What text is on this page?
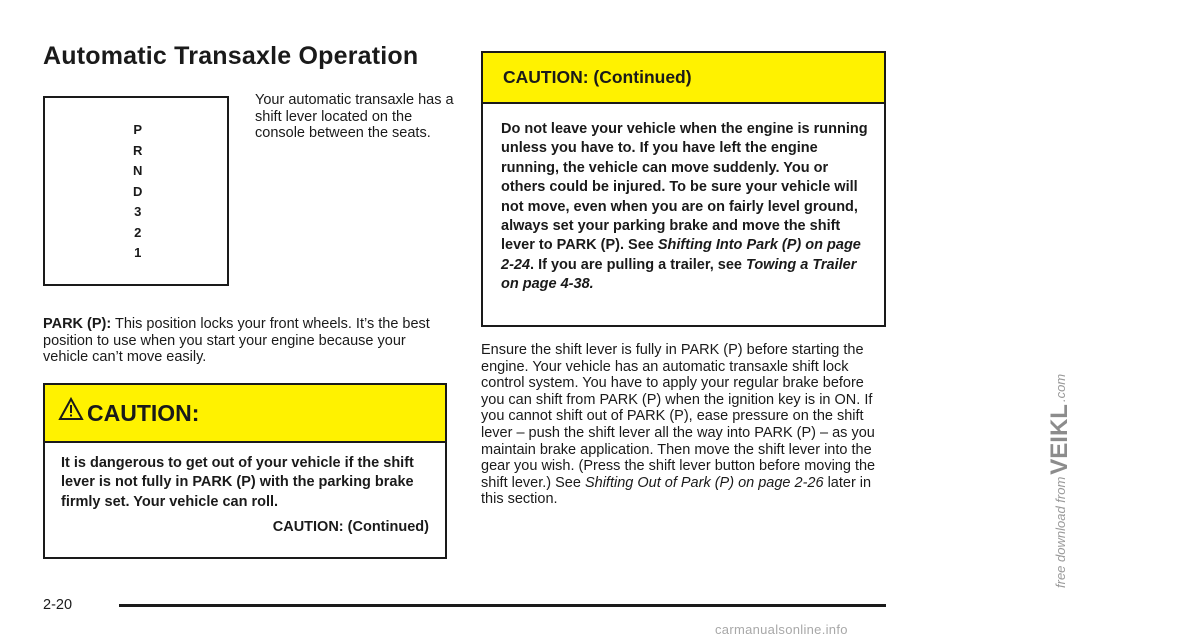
Automatic Transaxle Operation
P
R
N
D
3
2
1

Your automatic transaxle has a shift lever located on the console between the seats.

PARK (P): This position locks your front wheels. It’s the best position to use when you start your engine because your vehicle can’t move easily.

CAUTION:
It is dangerous to get out of your vehicle if the shift lever is not fully in PARK (P) with the parking brake firmly set. Your vehicle can roll.
CAUTION: (Continued)
CAUTION: (Continued)
Do not leave your vehicle when the engine is running unless you have to. If you have left the engine running, the vehicle can move suddenly. You or others could be injured. To be sure your vehicle will not move, even when you are on fairly level ground, always set your parking brake and move the shift lever to PARK (P). See Shifting Into Park (P) on page 2-24. If you are pulling a trailer, see Towing a Trailer on page 4-38.

Ensure the shift lever is fully in PARK (P) before starting the engine. Your vehicle has an automatic transaxle shift lock control system. You have to apply your regular brake before you can shift from PARK (P) when the ignition key is in ON. If you cannot shift out of PARK (P), ease pressure on the shift lever – push the shift lever all the way into PARK (P) – as you maintain brake application. Then move the shift lever into the gear you wish. (Press the shift lever button before moving the shift lever.) See Shifting Out of Park (P) on page 2-26 later in this section.

2-20
free download from
VEIKL
.com
carmanualsonline.info
